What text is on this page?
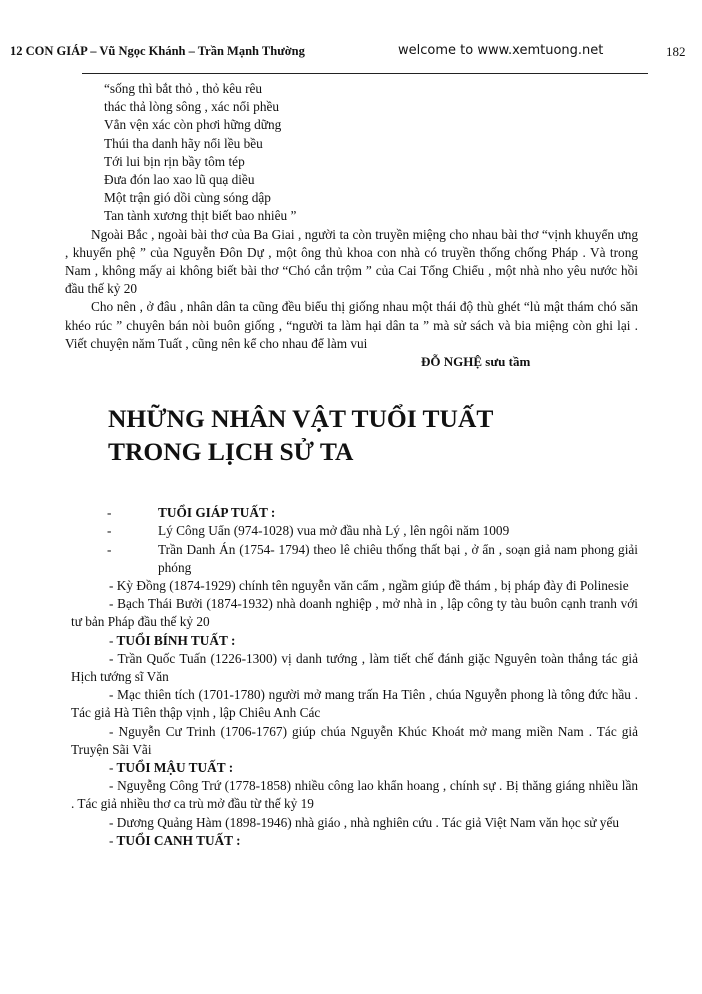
12 CON GIÁP – Vũ Ngọc Khánh – Trần Mạnh Thường	welcome to www.xemtuong.net	182
“sống thì bắt thỏ , thỏ kêu rêu
thác thả lòng sông , xác nổi phều
Vẳn vện xác còn phơi hững dững
Thúi tha danh hãy nổi lều bều
Tới lui bịn rịn bầy tôm tép
Đưa đón lao xao lũ quạ diều
Một trận gió dồi cùng sóng dập
Tan tành xương thịt biết bao nhiêu ”
Ngoài Bắc , ngoài bài thơ của Ba Giai , người ta còn truyền miệng cho nhau bài thơ “vịnh khuyển ưng , khuyển phệ ” của Nguyễn Đôn Dự , một ông thủ khoa con nhà có truyền thống chống Pháp . Và trong Nam , không mấy ai không biết bài thơ “Chó cắn trộm ” của Cai Tổng Chiểu , một nhà nho yêu nước hồi đầu thế kỷ 20
Cho nên , ở đâu , nhân dân ta cũng đều biểu thị giống nhau một thái độ thù ghét “lủ mật thám chó săn khéo rúc ” chuyên bán nòi buôn giống , “người ta làm hại dân ta ” mà sử sách và bia miệng còn ghi lại . Viết chuyện năm Tuất , cũng nên kể cho nhau để làm vui
ĐỖ NGHỆ sưu tầm
NHỮNG NHÂN VẬT TUỔI TUẤT
TRONG LỊCH SỬ TA
-	TUỔI GIÁP TUẤT :
-	Lý Công Uẩn (974-1028) vua mở đầu nhà Lý , lên ngôi năm 1009
-	Trần Danh Án (1754- 1794) theo lê chiêu thống thất bại , ở ẩn , soạn giả nam phong giải phóng
- Kỳ Đồng (1874-1929) chính tên nguyễn văn cẩm , ngầm giúp đề thám , bị pháp đày đi Polinesie
- Bạch Thái Bưởi (1874-1932) nhà doanh nghiệp , mở nhà in , lập công ty tàu buôn cạnh tranh với tư bản Pháp đầu thế kỷ 20
- TUỔI BÍNH TUẤT :
- Trần Quốc Tuấn (1226-1300) vị danh tướng , làm tiết chế đánh giặc Nguyên toàn thắng tác giả Hịch tướng sĩ Văn
- Mạc thiên tích (1701-1780) người mở mang trấn Ha Tiên , chúa Nguyễn phong là tông đức hầu . Tác giả Hà Tiên thập vịnh , lập Chiêu Anh Các
- Nguyễn Cư Trinh (1706-1767) giúp chúa Nguyễn Khúc Khoát mở mang miền Nam . Tác giả Truyện Sãi Vãi
- TUỔI MẬU TUẤT :
- Nguyễng Công Trứ (1778-1858) nhiều công lao khẩn hoang , chính sự . Bị thăng giáng nhiều lần . Tác giả nhiều thơ ca trù mở đầu từ thế kỷ 19
- Dương Quảng Hàm (1898-1946) nhà giáo , nhà nghiên cứu . Tác giả Việt Nam văn học sử yếu
- TUỔI CANH TUẤT :
